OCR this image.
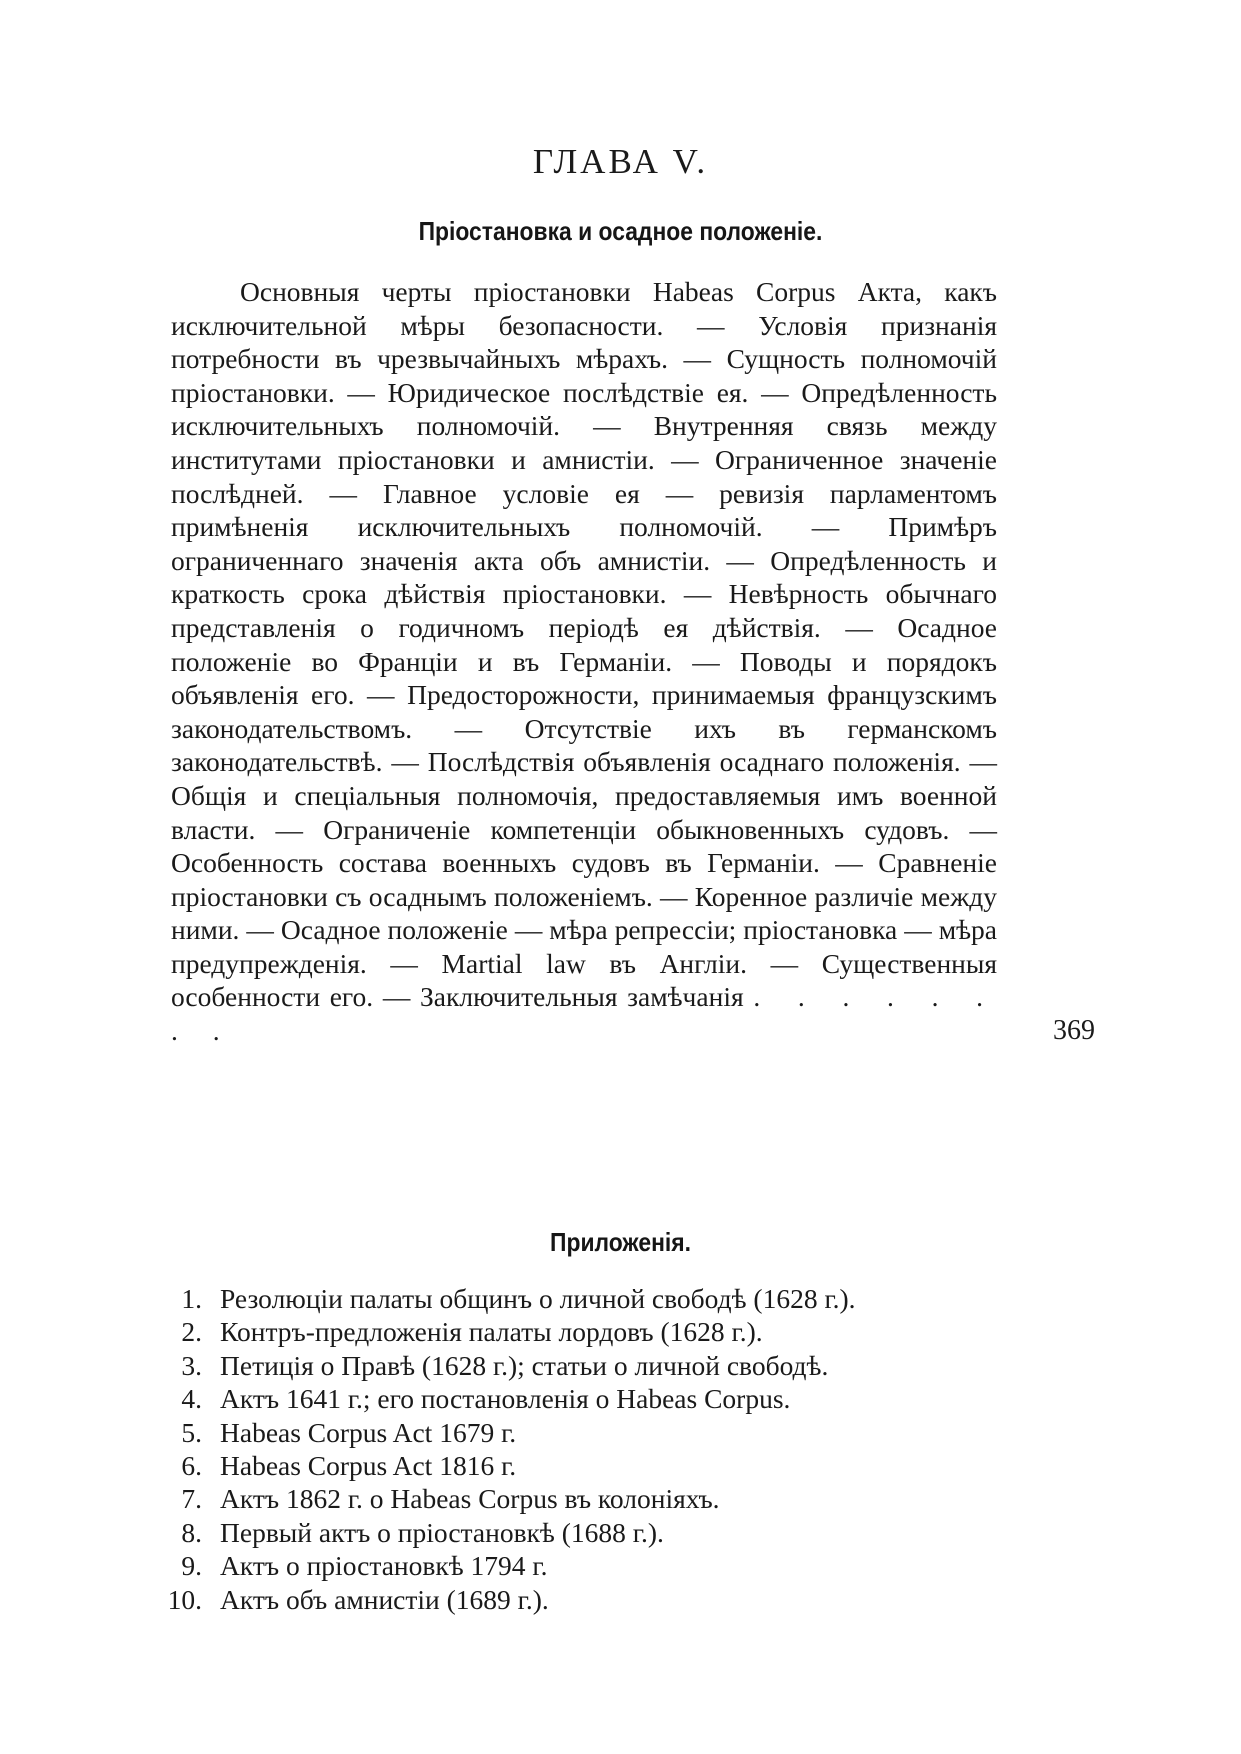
ГЛАВА V.
Пріостановка и осадное положеніе.

Основныя черты пріостановки Habeas Corpus Акта, какъ исключительной мѣры безопасности. — Условія признанія потребности въ чрезвычайныхъ мѣрахъ. — Сущность полномочій пріостановки. — Юридическое послѣдствіе ея. — Опредѣленность исключительныхъ полномочій. — Внутренняя связь между институтами пріостановки и амнистіи. — Ограниченное значеніе послѣдней. — Главное условіе ея — ревизія парламентомъ примѣненія исключительныхъ полномочій. — Примѣръ ограниченнаго значенія акта объ амнистіи. — Опредѣленность и краткость срока дѣйствія пріостановки. — Невѣрность обычнаго представленія о годичномъ періодѣ ея дѣйствія. — Осадное положеніе во Франціи и въ Германіи. — Поводы и порядокъ объявленія его. — Предосторожности, принимаемыя французскимъ законодательствомъ. — Отсутствіе ихъ въ германскомъ законодательствѣ. — Послѣдствія объявленія осаднаго положенія. — Общія и спеціальныя полномочія, предоставляемыя имъ военной власти. — Ограниченіе компетенціи обыкновенныхъ судовъ. — Особенность состава военныхъ судовъ въ Германіи. — Сравненіе пріостановки съ осаднымъ положеніемъ. — Коренное различіе между ними. — Осадное положеніе — мѣра репрессіи; пріостановка — мѣра предупрежденія. — Martial law въ Англіи. — Существенныя особенности его. — Заключительныя замѣчанія . . . . . . . .	369

Приложенія.
1. Резолюціи палаты общинъ о личной свободѣ (1628 г.).
2. Контръ-предложенія палаты лордовъ (1628 г.).
3. Петиція о Правѣ (1628 г.); статьи о личной свободѣ.
4. Актъ 1641 г.; его постановленія о Habeas Corpus.
5. Habeas Corpus Act 1679 г.
6. Habeas Corpus Act 1816 г.
7. Актъ 1862 г. о Habeas Corpus въ колоніяхъ.
8. Первый актъ о пріостановкѣ (1688 г.).
9. Актъ о пріостановкѣ 1794 г.
10. Актъ объ амнистіи (1689 г.).
